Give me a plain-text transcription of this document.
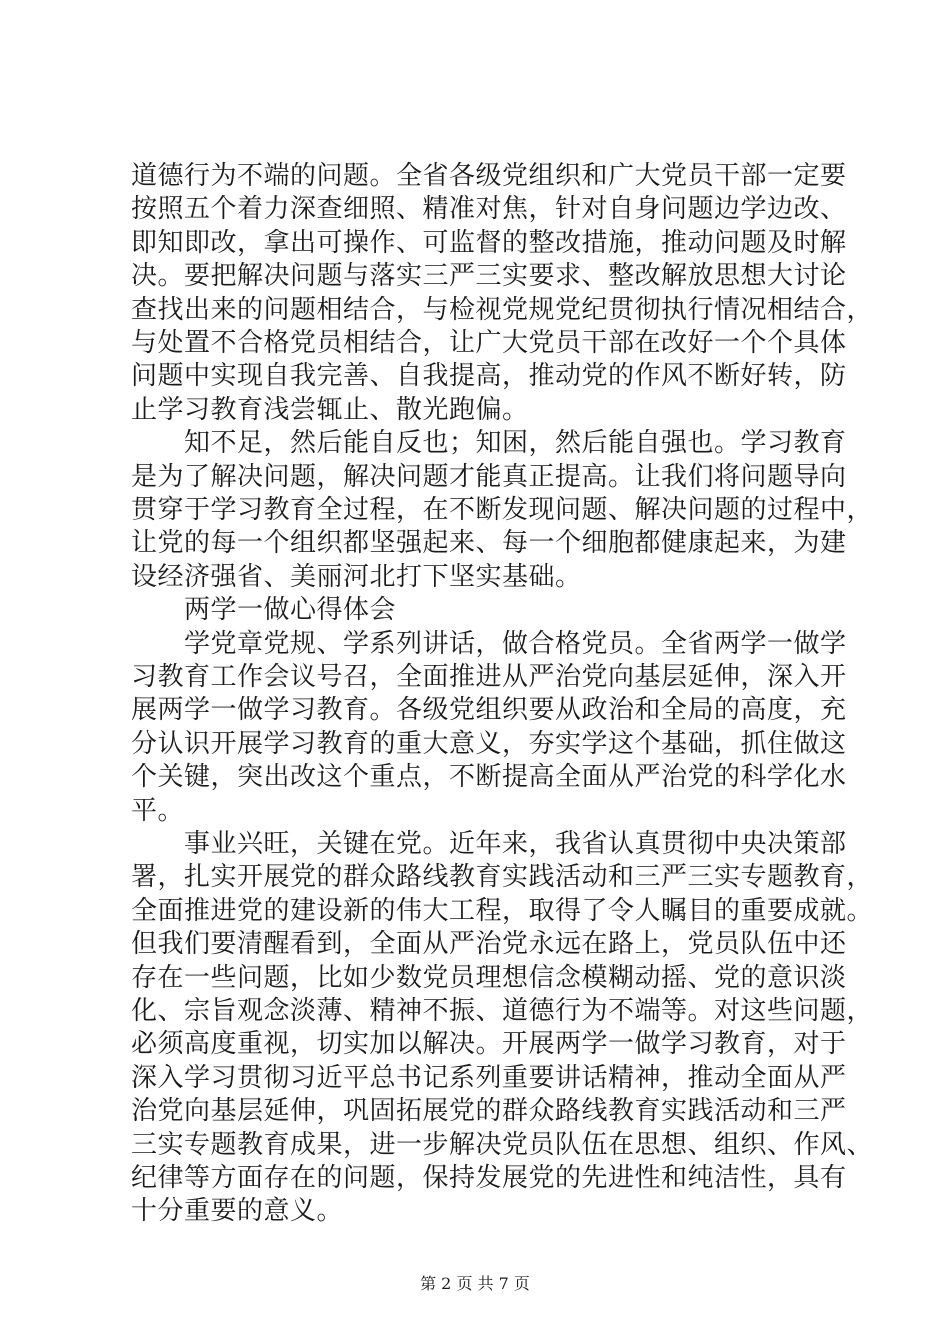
道德行为不端的问题。全省各级党组织和广大党员干部一定要
按照五个着力深查细照、精准对焦，针对自身问题边学边改、
即知即改，拿出可操作、可监督的整改措施，推动问题及时解
决。要把解决问题与落实三严三实要求、整改解放思想大讨论
查找出来的问题相结合，与检视党规党纪贯彻执行情况相结合，
与处置不合格党员相结合，让广大党员干部在改好一个个具体
问题中实现自我完善、自我提高，推动党的作风不断好转，防
止学习教育浅尝辄止、散光跑偏。
　　知不足，然后能自反也；知困，然后能自强也。学习教育
是为了解决问题，解决问题才能真正提高。让我们将问题导向
贯穿于学习教育全过程，在不断发现问题、解决问题的过程中，
让党的每一个组织都坚强起来、每一个细胞都健康起来，为建
设经济强省、美丽河北打下坚实基础。
　　两学一做心得体会
　　学党章党规、学系列讲话，做合格党员。全省两学一做学
习教育工作会议号召，全面推进从严治党向基层延伸，深入开
展两学一做学习教育。各级党组织要从政治和全局的高度，充
分认识开展学习教育的重大意义，夯实学这个基础，抓住做这
个关键，突出改这个重点，不断提高全面从严治党的科学化水
平。
　　事业兴旺，关键在党。近年来，我省认真贯彻中央决策部
署，扎实开展党的群众路线教育实践活动和三严三实专题教育，
全面推进党的建设新的伟大工程，取得了令人瞩目的重要成就。
但我们要清醒看到，全面从严治党永远在路上，党员队伍中还
存在一些问题，比如少数党员理想信念模糊动摇、党的意识淡
化、宗旨观念淡薄、精神不振、道德行为不端等。对这些问题，
必须高度重视，切实加以解决。开展两学一做学习教育，对于
深入学习贯彻习近平总书记系列重要讲话精神，推动全面从严
治党向基层延伸，巩固拓展党的群众路线教育实践活动和三严
三实专题教育成果，进一步解决党员队伍在思想、组织、作风、
纪律等方面存在的问题，保持发展党的先进性和纯洁性，具有
十分重要的意义。
第 2 页 共 7 页
